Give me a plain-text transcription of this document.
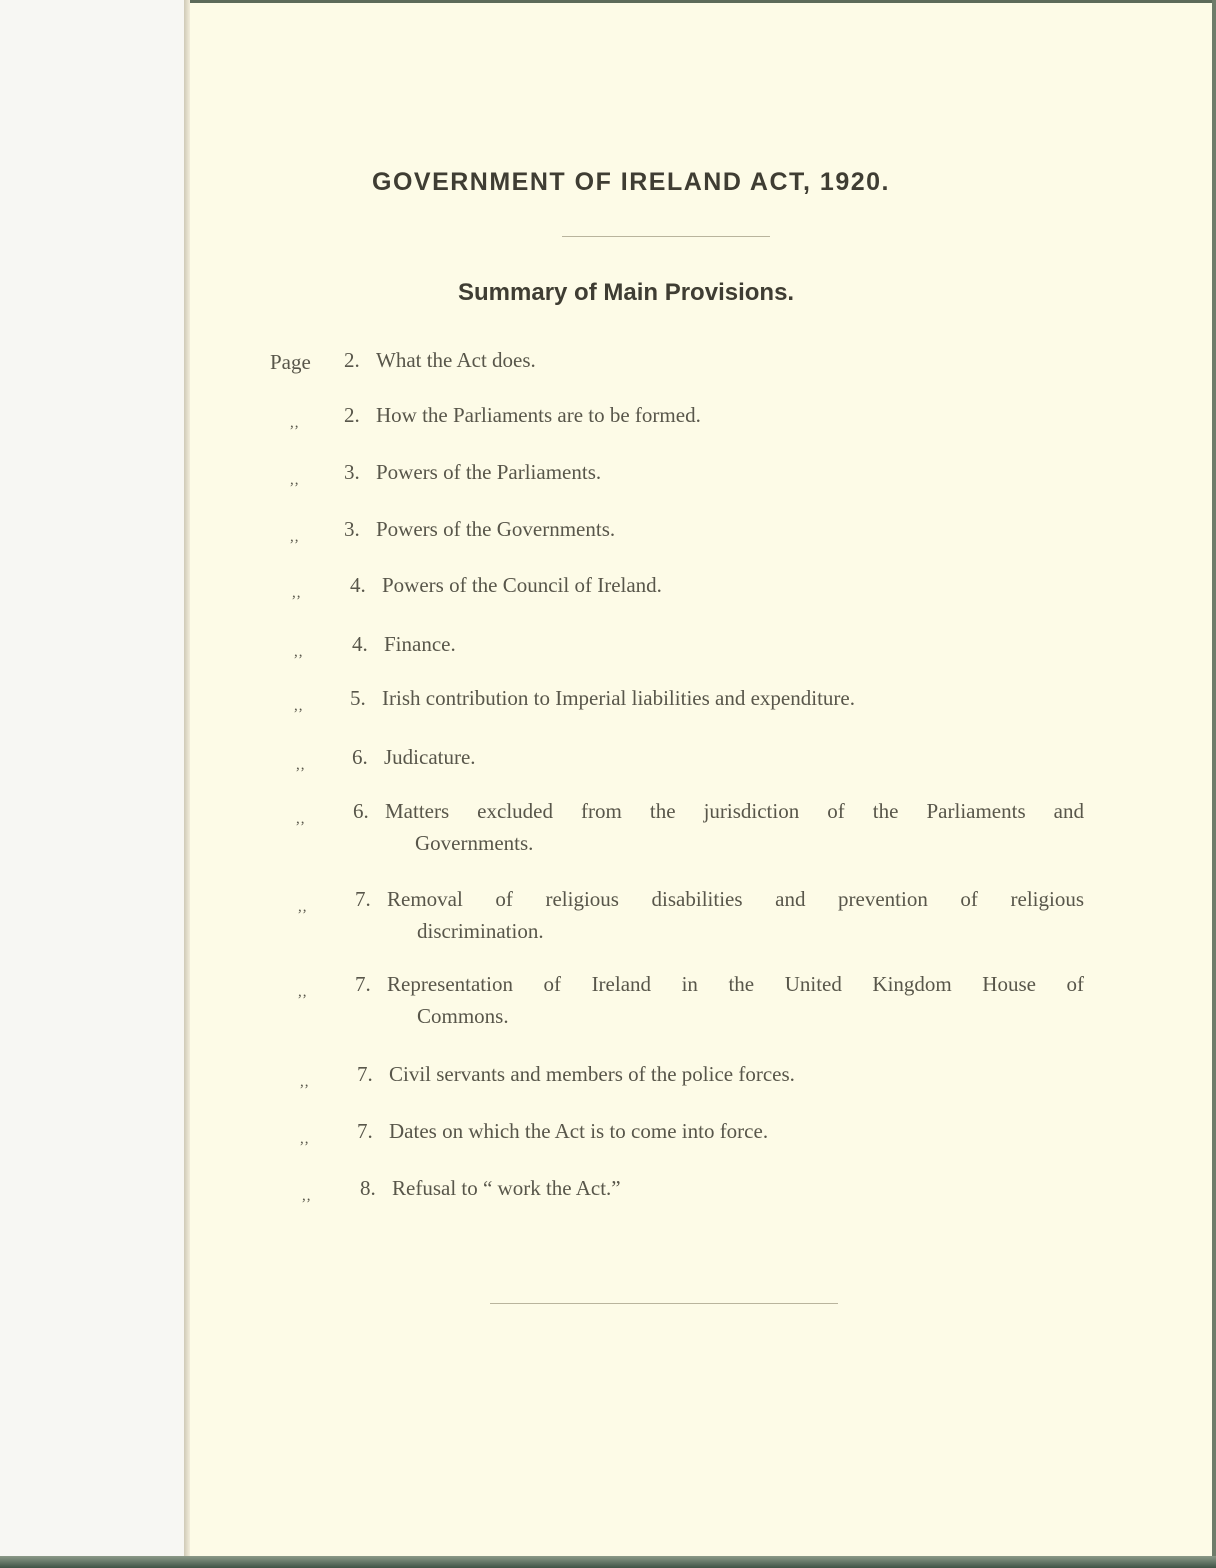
GOVERNMENT OF IRELAND ACT, 1920.
Summary of Main Provisions.
Page	2. What the Act does.
,, 2. How the Parliaments are to be formed.
,, 3. Powers of the Parliaments.
,, 3. Powers of the Governments.
,, 4. Powers of the Council of Ireland.
,, 4. Finance.
,, 5. Irish contribution to Imperial liabilities and expenditure.
,, 6. Judicature.
,, 6. Matters excluded from the jurisdiction of the Parliaments and
Governments.
,, 7. Removal of religious disabilities and prevention of religious
discrimination.
,, 7. Representation of Ireland in the United Kingdom House of
Commons.
,, 7. Civil servants and members of the police forces.
,, 7. Dates on which the Act is to come into force.
,, 8. Refusal to “ work the Act.”
